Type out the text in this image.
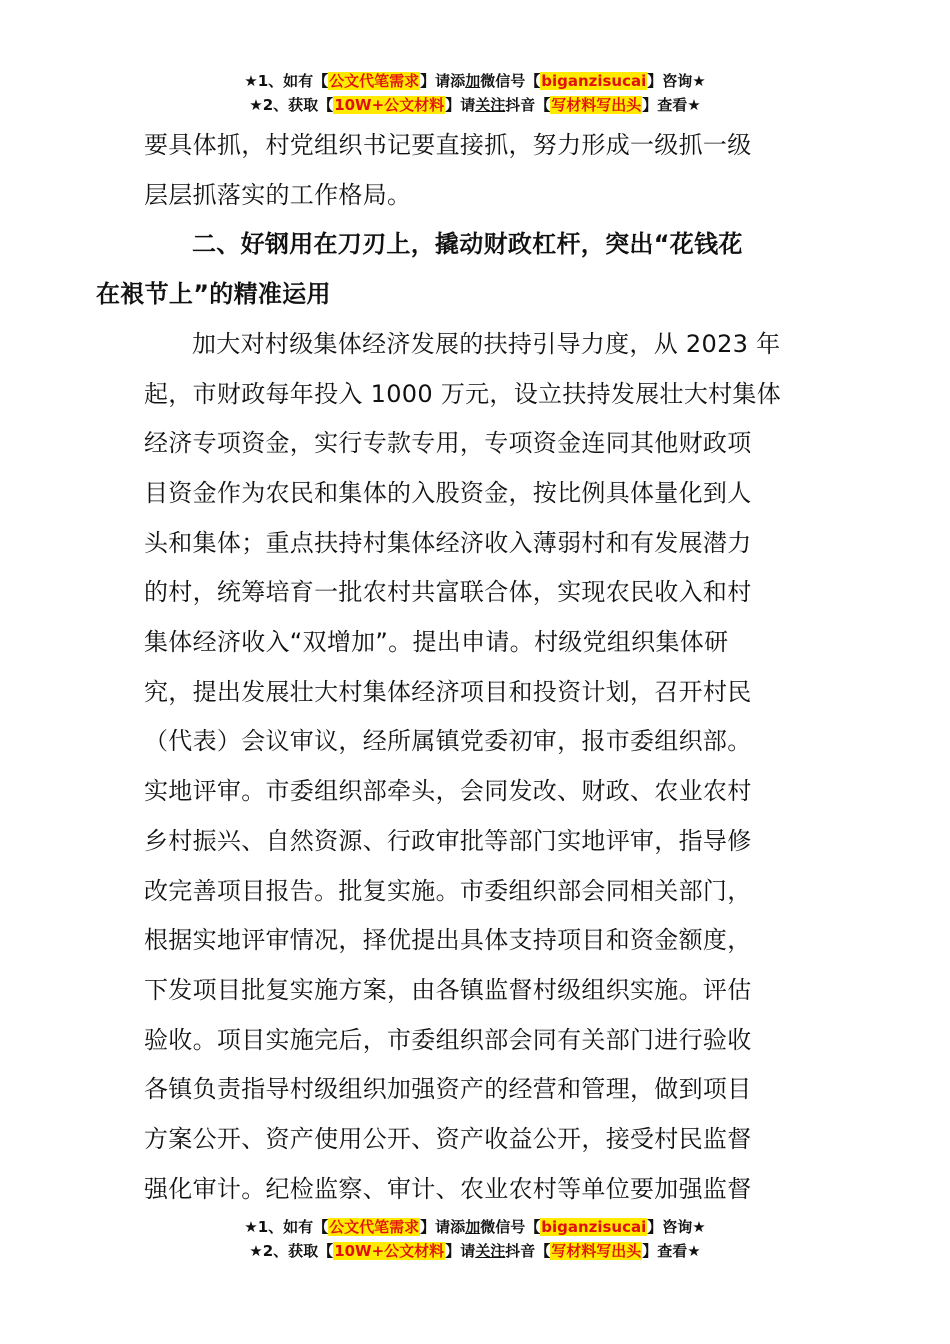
★1、如有【公文代笔需求】请添加微信号【biganzisucai】咨询★
★2、获取【10W+公文材料】请关注抖音【写材料写出头】查看★

要具体抓，村党组织书记要直接抓，努力形成一级抓一级
层层抓落实的工作格局。

二、好钢用在刀刃上，撬动财政杠杆，突出“花钱花
在裉节上”的精准运用

加大对村级集体经济发展的扶持引导力度，从 2023 年
起，市财政每年投入 1000 万元，设立扶持发展壮大村集体
经济专项资金，实行专款专用，专项资金连同其他财政项
目资金作为农民和集体的入股资金，按比例具体量化到人
头和集体；重点扶持村集体经济收入薄弱村和有发展潜力
的村，统筹培育一批农村共富联合体，实现农民收入和村
集体经济收入“双增加”。提出申请。村级党组织集体研
究，提出发展壮大村集体经济项目和投资计划，召开村民
（代表）会议审议，经所属镇党委初审，报市委组织部。
实地评审。市委组织部牵头，会同发改、财政、农业农村
乡村振兴、自然资源、行政审批等部门实地评审，指导修
改完善项目报告。批复实施。市委组织部会同相关部门，
根据实地评审情况，择优提出具体支持项目和资金额度，
下发项目批复实施方案，由各镇监督村级组织实施。评估
验收。项目实施完后，市委组织部会同有关部门进行验收
各镇负责指导村级组织加强资产的经营和管理，做到项目
方案公开、资产使用公开、资产收益公开，接受村民监督
强化审计。纪检监察、审计、农业农村等单位要加强监督

★1、如有【公文代笔需求】请添加微信号【biganzisucai】咨询★
★2、获取【10W+公文材料】请关注抖音【写材料写出头】查看★
